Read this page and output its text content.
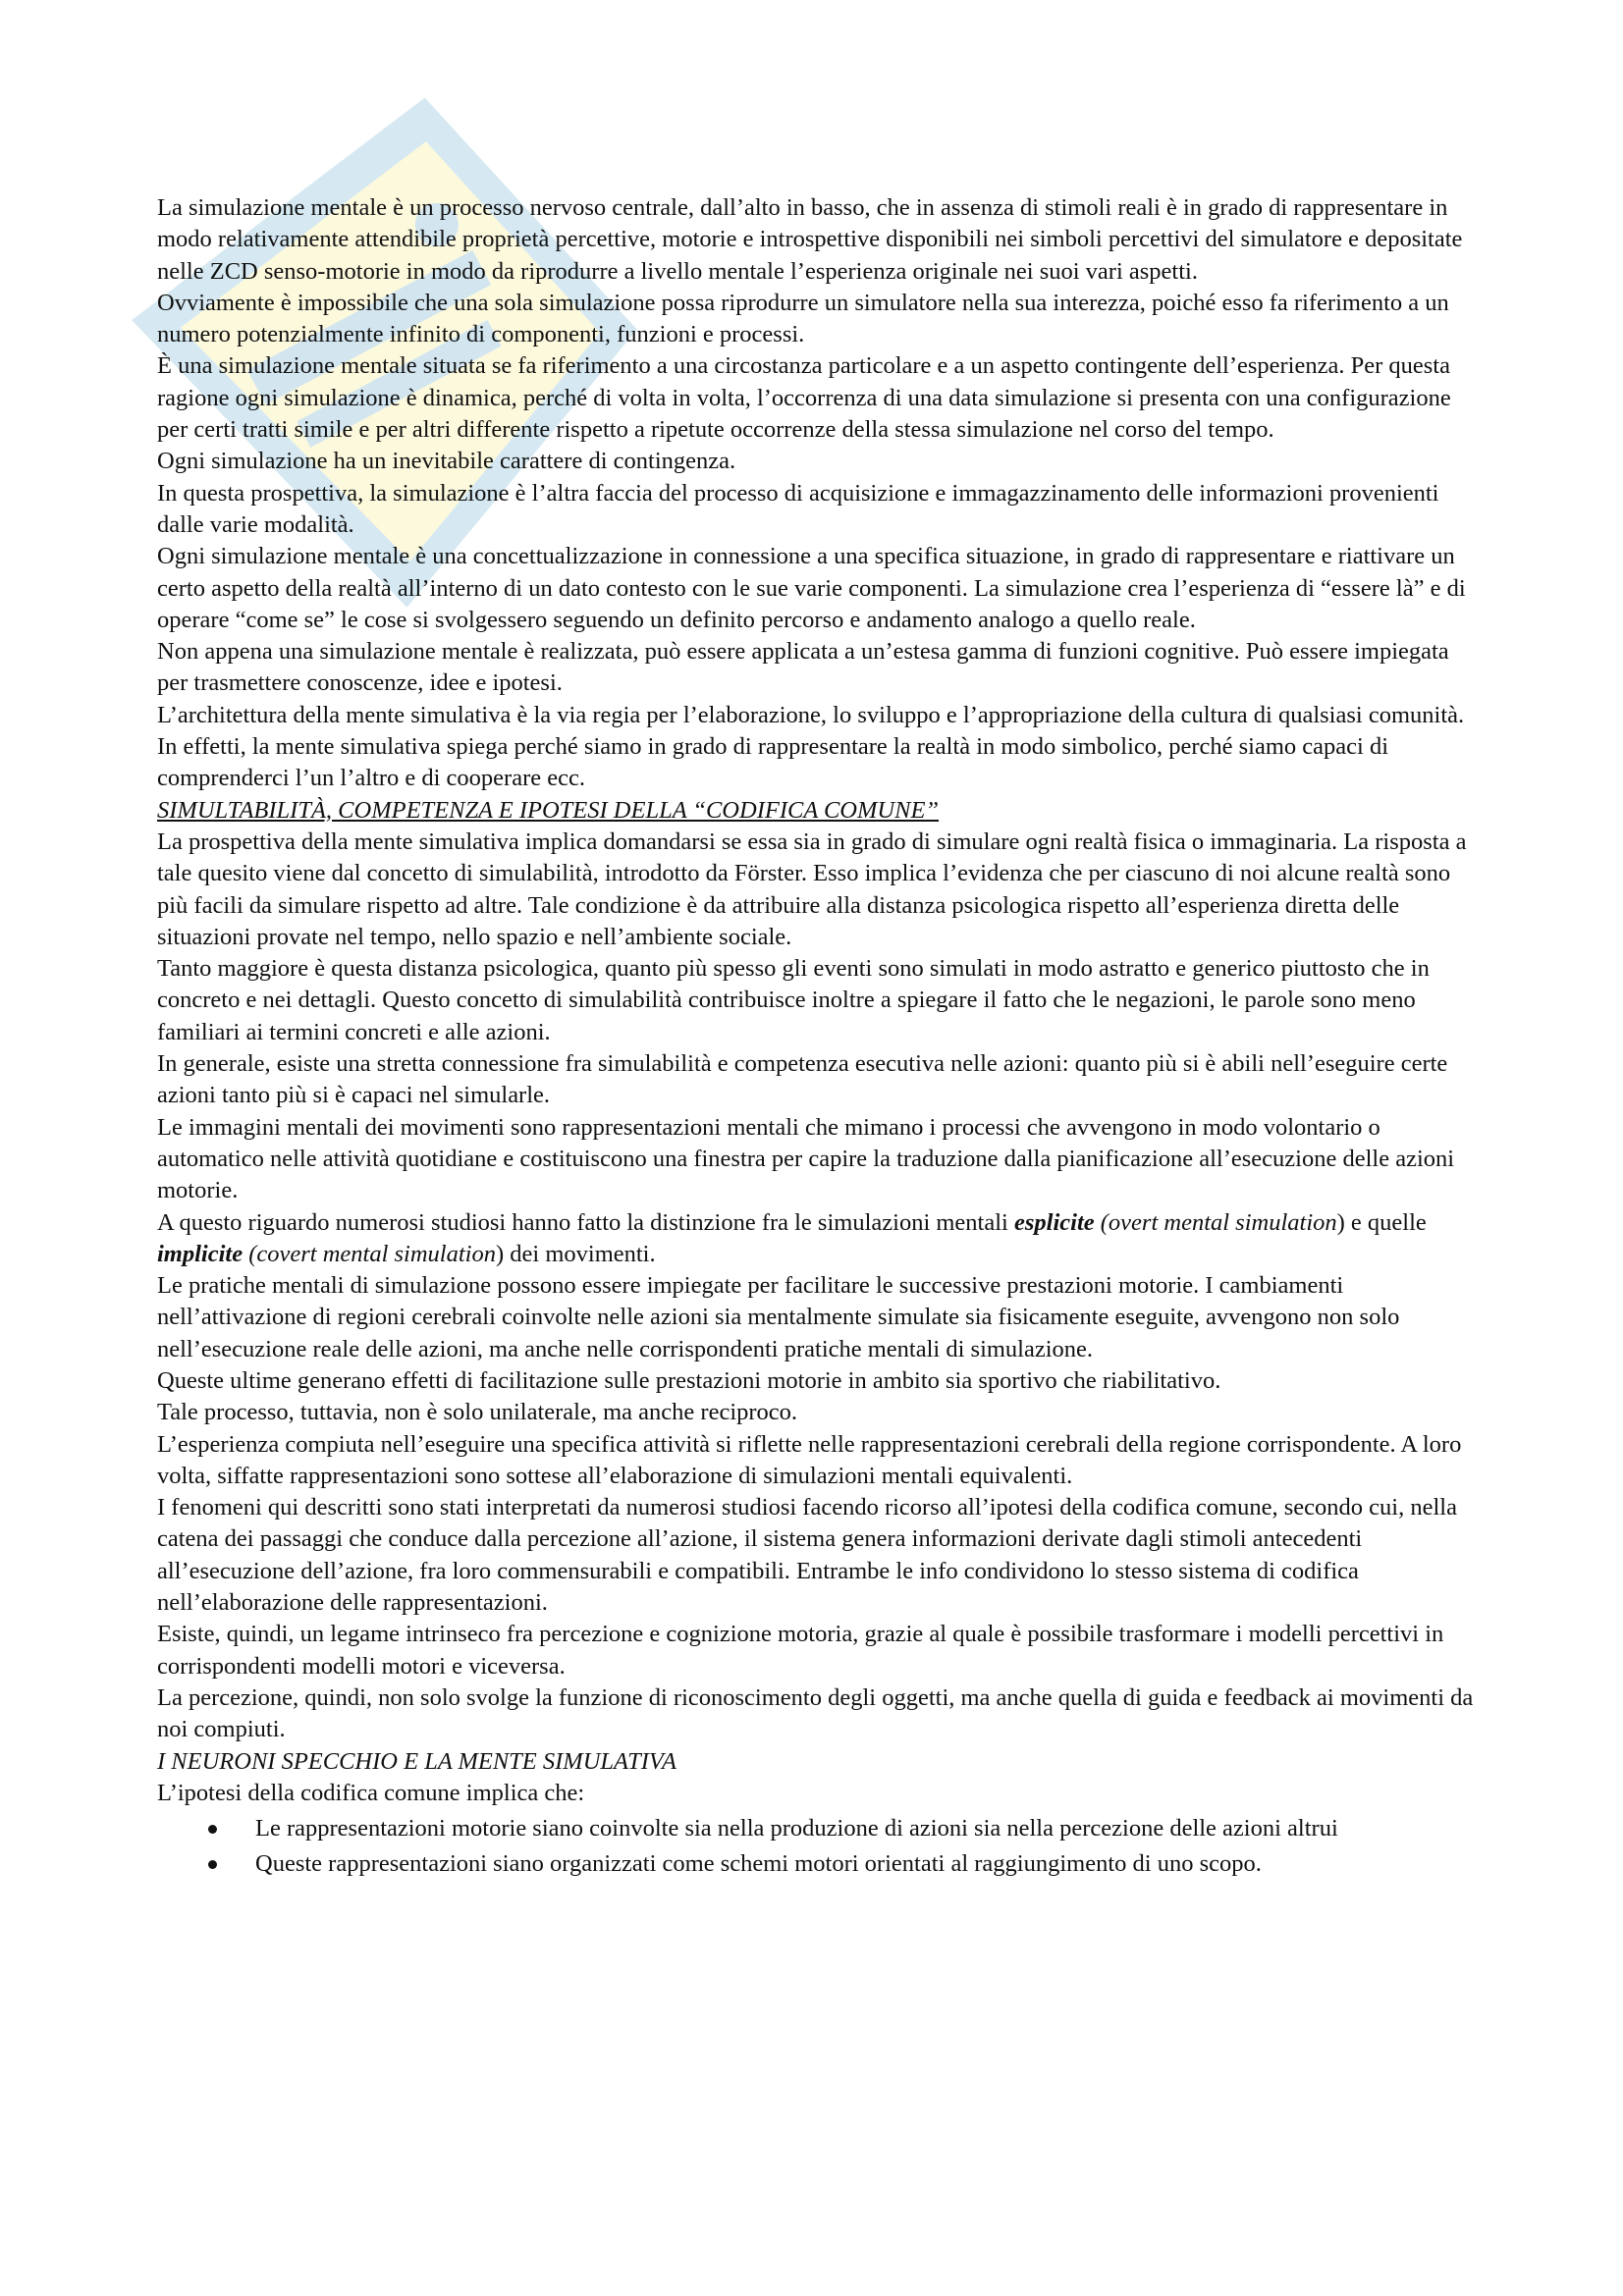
La simulazione mentale è un processo nervoso centrale, dall’alto in basso, che in assenza di stimoli reali è in grado di rappresentare in modo relativamente attendibile proprietà percettive, motorie e introspettive disponibili nei simboli percettivi del simulatore e depositate nelle ZCD senso-motorie in modo da riprodurre a livello mentale l’esperienza originale nei suoi vari aspetti.

Ovviamente è impossibile che una sola simulazione possa riprodurre un simulatore nella sua interezza, poiché esso fa riferimento a un numero potenzialmente infinito di componenti, funzioni e processi.

È una simulazione mentale situata se fa riferimento a una circostanza particolare e a un aspetto contingente dell’esperienza. Per questa ragione ogni simulazione è dinamica, perché di volta in volta, l’occorrenza di una data simulazione si presenta con una configurazione per certi tratti simile e per altri differente rispetto a ripetute occorrenze della stessa simulazione nel corso del tempo.

Ogni simulazione ha un inevitabile carattere di contingenza.

In questa prospettiva, la simulazione è l’altra faccia del processo di acquisizione e immagazzinamento delle informazioni provenienti dalle varie modalità.

Ogni simulazione mentale è una concettualizzazione in connessione a una specifica situazione, in grado di rappresentare e riattivare un certo aspetto della realtà all’interno di un dato contesto con le sue varie componenti. La simulazione crea l’esperienza di “essere là” e di operare “come se” le cose si svolgessero seguendo un definito percorso e andamento analogo a quello reale.

Non appena una simulazione mentale è realizzata, può essere applicata a un’estesa gamma di funzioni cognitive. Può essere impiegata per trasmettere conoscenze, idee e ipotesi.

L’architettura della mente simulativa è la via regia per l’elaborazione, lo sviluppo e l’appropriazione della cultura di qualsiasi comunità. In effetti, la mente simulativa spiega perché siamo in grado di rappresentare la realtà in modo simbolico, perché siamo capaci di comprenderci l’un l’altro e di cooperare ecc.

SIMULTABILITÀ, COMPETENZA E IPOTESI DELLA “CODIFICA COMUNE”

La prospettiva della mente simulativa implica domandarsi se essa sia in grado di simulare ogni realtà fisica o immaginaria. La risposta a tale quesito viene dal concetto di simulabilità, introdotto da Förster. Esso implica l’evidenza che per ciascuno di noi alcune realtà sono più facili da simulare rispetto ad altre. Tale condizione è da attribuire alla distanza psicologica rispetto all’esperienza diretta delle situazioni provate nel tempo, nello spazio e nell’ambiente sociale.

Tanto maggiore è questa distanza psicologica, quanto più spesso gli eventi sono simulati in modo astratto e generico piuttosto che in concreto e nei dettagli. Questo concetto di simulabilità contribuisce inoltre a spiegare il fatto che le negazioni, le parole sono meno familiari ai termini concreti e alle azioni.

In generale, esiste una stretta connessione fra simulabilità e competenza esecutiva nelle azioni: quanto più si è abili nell’eseguire certe azioni tanto più si è capaci nel simularle.

Le immagini mentali dei movimenti sono rappresentazioni mentali che mimano i processi che avvengono in modo volontario o automatico nelle attività quotidiane e costituiscono una finestra per capire la traduzione dalla pianificazione all’esecuzione delle azioni motorie.

A questo riguardo numerosi studiosi hanno fatto la distinzione fra le simulazioni mentali esplicite (overt mental simulation) e quelle implicite (covert mental simulation) dei movimenti.

Le pratiche mentali di simulazione possono essere impiegate per facilitare le successive prestazioni motorie. I cambiamenti nell’attivazione di regioni cerebrali coinvolte nelle azioni sia mentalmente simulate sia fisicamente eseguite, avvengono non solo nell’esecuzione reale delle azioni, ma anche nelle corrispondenti pratiche mentali di simulazione.

Queste ultime generano effetti di facilitazione sulle prestazioni motorie in ambito sia sportivo che riabilitativo.

Tale processo, tuttavia, non è solo unilaterale, ma anche reciproco.

L’esperienza compiuta nell’eseguire una specifica attività si riflette nelle rappresentazioni cerebrali della regione corrispondente. A loro volta, siffatte rappresentazioni sono sottese all’elaborazione di simulazioni mentali equivalenti.

I fenomeni qui descritti sono stati interpretati da numerosi studiosi facendo ricorso all’ipotesi della codifica comune, secondo cui, nella catena dei passaggi che conduce dalla percezione all’azione, il sistema genera informazioni derivate dagli stimoli antecedenti all’esecuzione dell’azione, fra loro commensurabili e compatibili. Entrambe le info condividono lo stesso sistema di codifica nell’elaborazione delle rappresentazioni.

Esiste, quindi, un legame intrinseco fra percezione e cognizione motoria, grazie al quale è possibile trasformare i modelli percettivi in corrispondenti modelli motori e viceversa.

La percezione, quindi, non solo svolge la funzione di riconoscimento degli oggetti, ma anche quella di guida e feedback ai movimenti da noi compiuti.

I NEURONI SPECCHIO E LA MENTE SIMULATIVA

L’ipotesi della codifica comune implica che:

Le rappresentazioni motorie siano coinvolte sia nella produzione di azioni sia nella percezione delle azioni altrui
Queste rappresentazioni siano organizzati come schemi motori orientati al raggiungimento di uno scopo.
